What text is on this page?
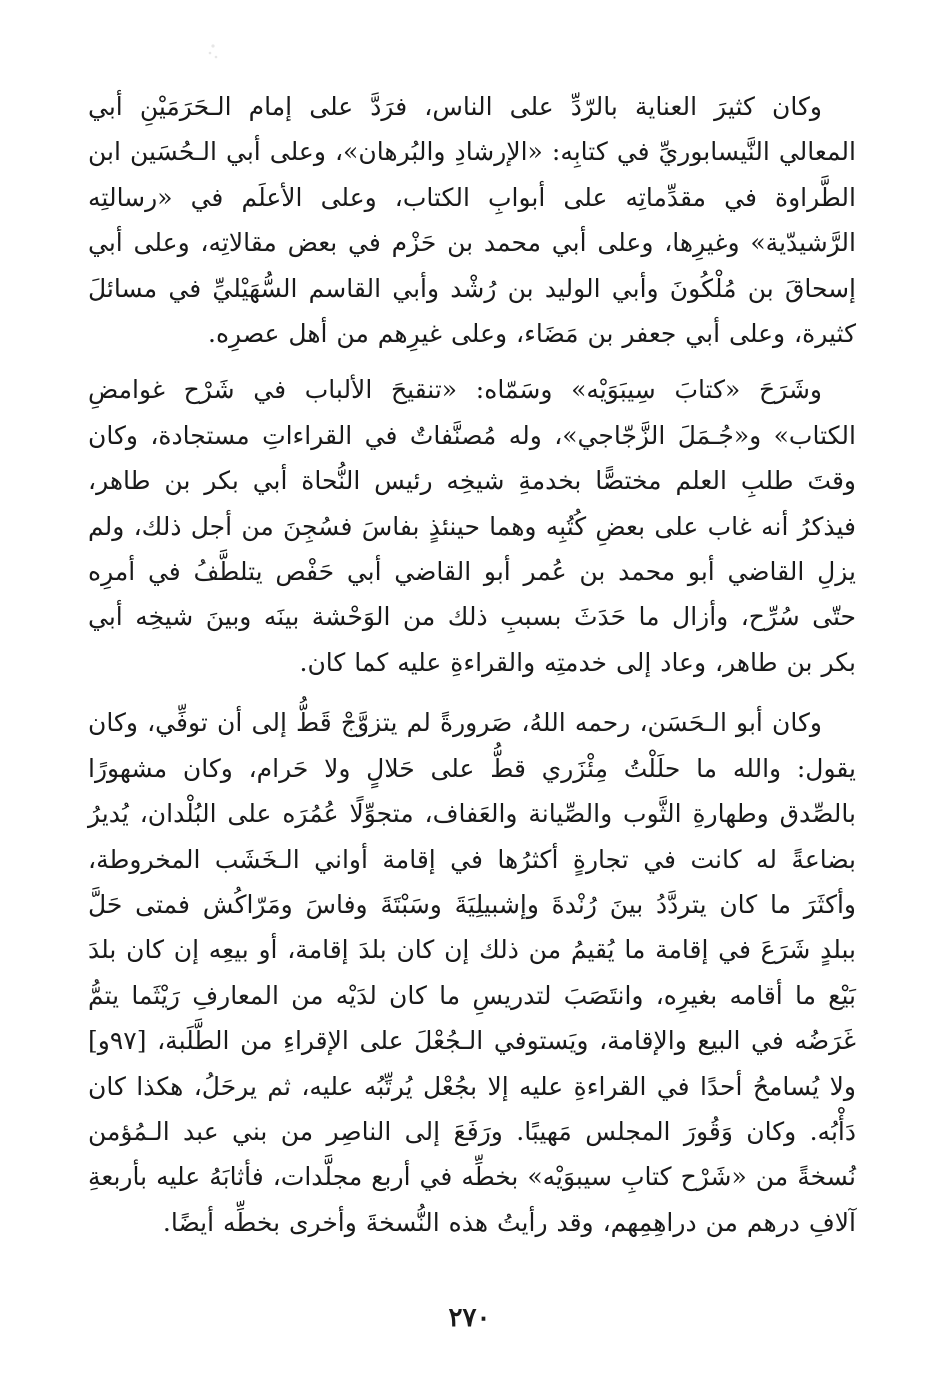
وكان كثيرَ العناية بالرّدِّ على الناس، فرَدَّ على إمام الـحَرَمَيْنِ أبي المعالي النَّيسابوريِّ في كتابِه: «الإرشادِ والبُرهان»، وعلى أبي الـحُسَين ابن الطَّراوة في مقدِّماتِه على أبوابِ الكتاب، وعلى الأعلَم في «رسالتِه الرَّشيدّية» وغيرِها، وعلى أبي محمد بن حَزْم في بعض مقالاتِه، وعلى أبي إسحاقَ بن مُلْكُونَ وأبي الوليد بن رُشْد وأبي القاسم السُّهَيْليِّ في مسائلَ كثيرة، وعلى أبي جعفر بن مَضَاء، وعلى غيرِهم من أهل عصرِه.

وشَرَحَ «كتابَ سِيبَوَيْه» وسَمّاه: «تنقيحَ الألباب في شَرْح غوامضِ الكتاب» و«جُـمَلَ الزَّجّاجي»، وله مُصنَّفاتٌ في القراءاتِ مستجادة، وكان وقتَ طلبِ العلم مختصًّا بخدمةِ شيخِه رئيس النُّحاة أبي بكر بن طاهر، فيذكرُ أنه غاب على بعضِ كُتُبِه وهما حينئذٍ بفاسَ فسُجِنَ من أجل ذلك، ولم يزلِ القاضي أبو محمد بن عُمر أبو القاضي أبي حَفْص يتلطَّفُ في أمرِه حتّى سُرِّح، وأزال ما حَدَثَ بسببِ ذلك من الوَحْشة بينَه وبينَ شيخِه أبي بكر بن طاهر، وعاد إلى خدمتِه والقراءةِ عليه كما كان.

وكان أبو الـحَسَن، رحمه اللهُ، صَرورةً لم يتزوَّجْ قَطُّ إلى أن توفِّي، وكان يقول: والله ما حلَلْتُ مِئْزَري قطُّ على حَلالٍ ولا حَرام، وكان مشهورًا بالصِّدق وطهارةِ الثَّوب والصِّيانة والعَفاف، متجوِّلًا عُمُرَه على البُلْدان، يُديرُ بضاعةً له كانت في تجارةٍ أكثرُها في إقامة أواني الـخَشَب المخروطة، وأكثَرَ ما كان يتردَّدُ بينَ رُنْدةَ وإشبيلِيَةَ وسَبْتَةَ وفاسَ ومَرّاكُش فمتى حَلَّ ببلدٍ شَرَعَ في إقامة ما يُقيمُ من ذلك إن كان بلدَ إقامة، أو بيعِه إن كان بلدَ بَيْع ما أقامه بغيرِه، وانتَصَبَ لتدريسِ ما كان لدَيْه من المعارفِ رَيْثَما يتمُّ غَرَضُه في البيع والإقامة، ويَستوفي الـجُعْلَ على الإقراءِ من الطَّلَبة، [٩٧و] ولا يُسامحُ أحدًا في القراءةِ عليه إلا بجُعْل يُرتِّبُه عليه، ثم يرحَلُ، هكذا كان دَأْبُه. وكان وَقُورَ المجلس مَهيبًا. ورَفَعَ إلى الناصِر من بني عبد الـمُؤمن نُسخةً من «شَرْح كتابِ سيبوَيْه» بخطِّه في أربع مجلَّدات، فأثابَهُ عليه بأربعةِ آلافِ درهم من دراهِمِهم، وقد رأيتُ هذه النُّسخةَ وأخرى بخطِّه أيضًا.

٢٧٠
